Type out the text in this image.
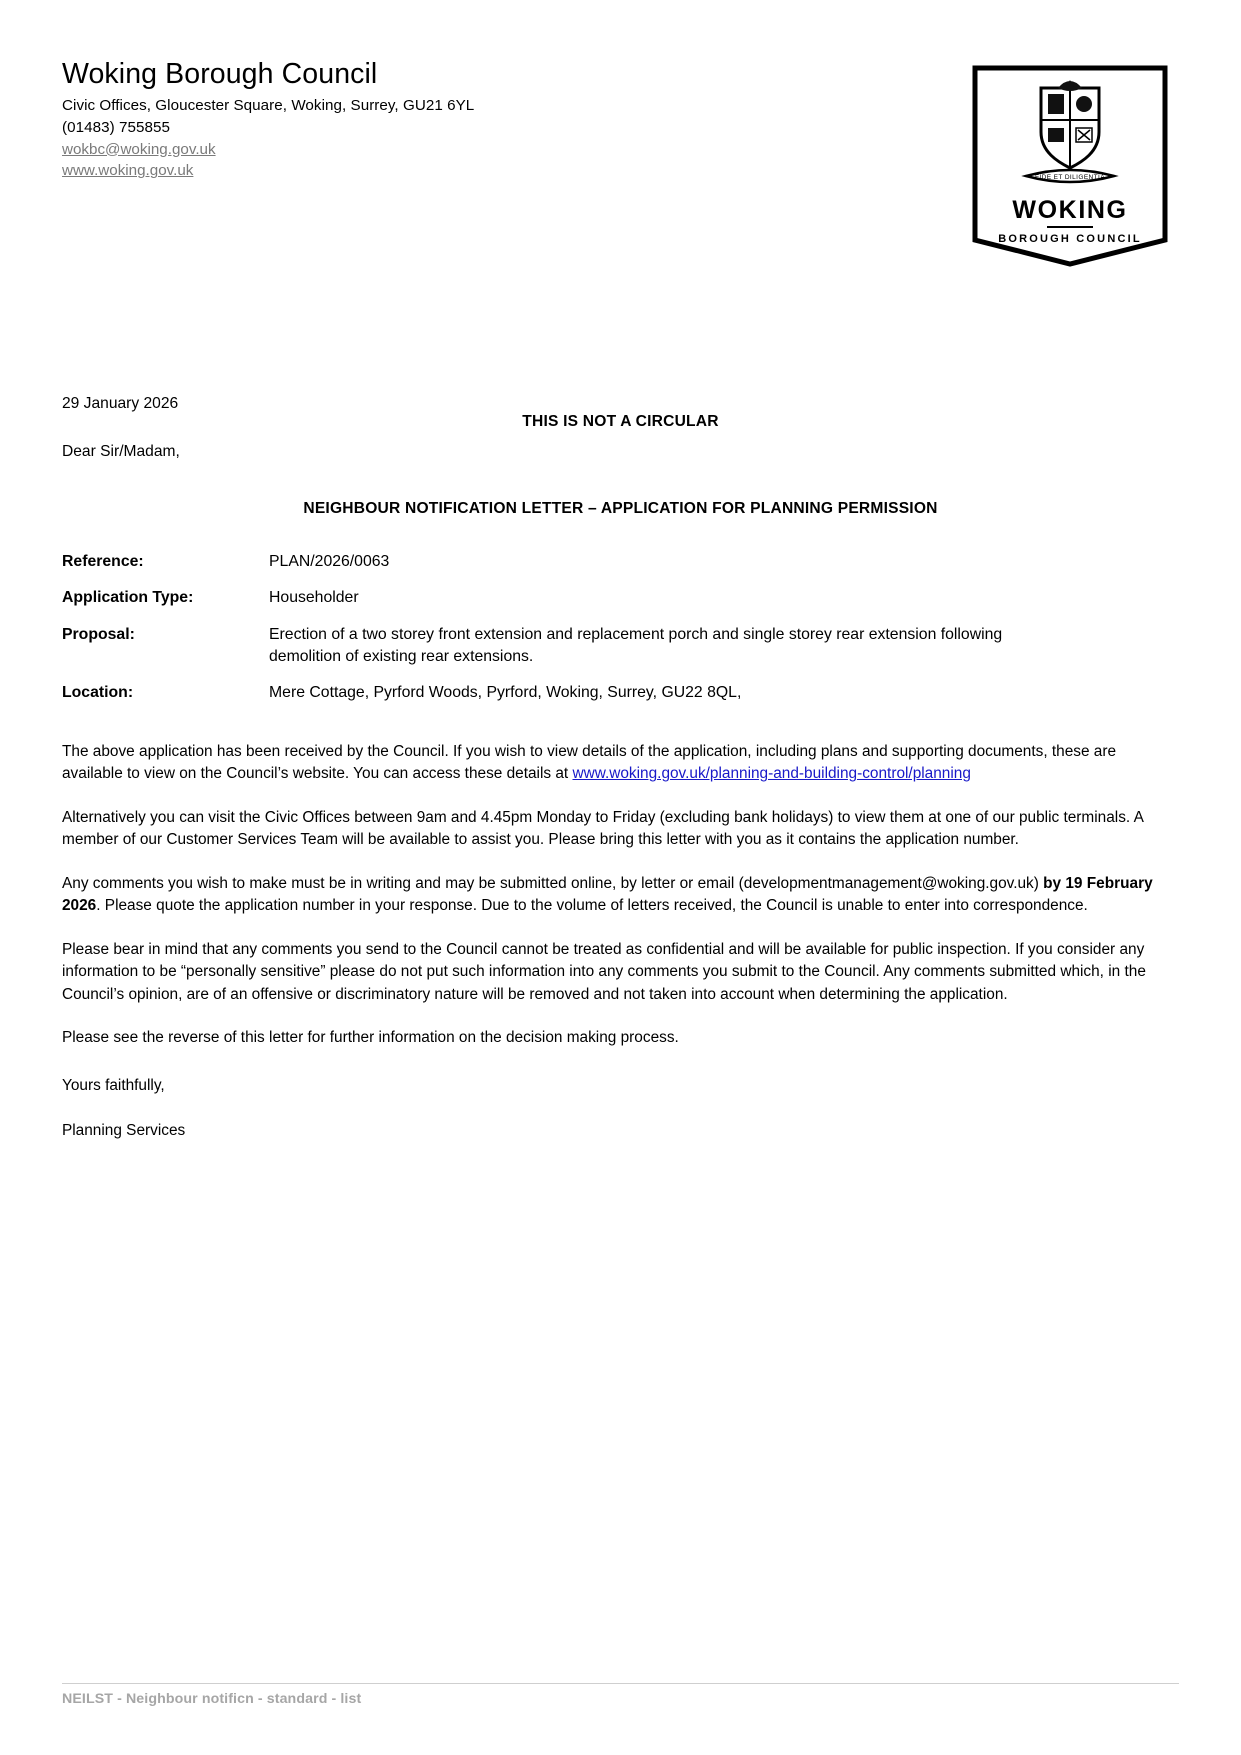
Woking Borough Council
Civic Offices, Gloucester Square, Woking, Surrey, GU21 6YL
(01483) 755855
wokbc@woking.gov.uk
www.woking.gov.uk	FIDE ET DILIGENTIA
WOKING
BOROUGH COUNCIL
29 January 2026
THIS IS NOT A CIRCULAR
Dear Sir/Madam,
NEIGHBOUR NOTIFICATION LETTER – APPLICATION FOR PLANNING PERMISSION
Reference:	PLAN/2026/0063
Application Type:	Householder
Proposal:	Erection of a two storey front extension and replacement porch and single storey rear extension following demolition of existing rear extensions.
Location:	Mere Cottage, Pyrford Woods, Pyrford, Woking, Surrey, GU22 8QL,

The above application has been received by the Council. If you wish to view details of the application, including plans and supporting documents, these are available to view on the Council’s website. You can access these details at www.woking.gov.uk/planning-and-building-control/planning

Alternatively you can visit the Civic Offices between 9am and 4.45pm Monday to Friday (excluding bank holidays) to view them at one of our public terminals. A member of our Customer Services Team will be available to assist you. Please bring this letter with you as it contains the application number.

Any comments you wish to make must be in writing and may be submitted online, by letter or email (developmentmanagement@woking.gov.uk) by 19 February 2026. Please quote the application number in your response. Due to the volume of letters received, the Council is unable to enter into correspondence.

Please bear in mind that any comments you send to the Council cannot be treated as confidential and will be available for public inspection. If you consider any information to be “personally sensitive” please do not put such information into any comments you submit to the Council. Any comments submitted which, in the Council’s opinion, are of an offensive or discriminatory nature will be removed and not taken into account when determining the application.

Please see the reverse of this letter for further information on the decision making process.

Yours faithfully,
Planning Services
NEILST - Neighbour notificn - standard - list
